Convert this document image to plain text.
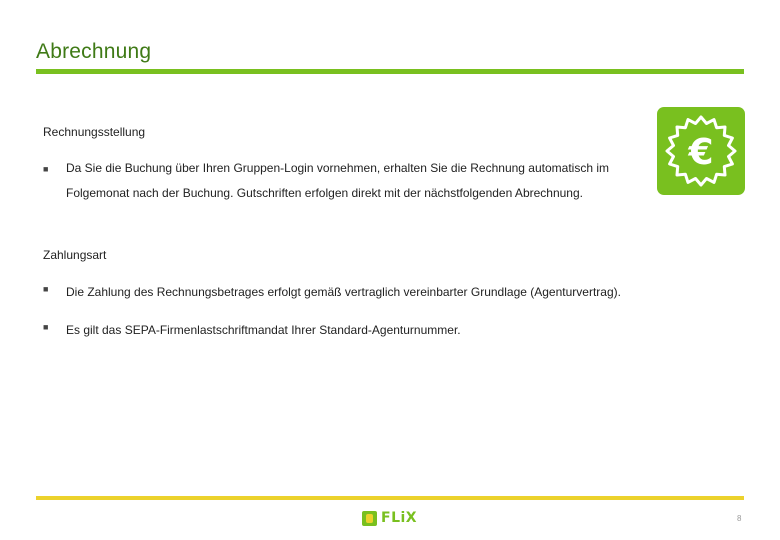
Abrechnung
Rechnungsstellung
■ Da Sie die Buchung über Ihren Gruppen-Login vornehmen, erhalten Sie die Rechnung automatisch im Folgemonat nach der Buchung. Gutschriften erfolgen direkt mit der nächstfolgenden Abrechnung.
Zahlungsart
■ Die Zahlung des Rechnungsbetrages erfolgt gemäß vertraglich vereinbarter Grundlage (Agenturvertrag).
■ Es gilt das SEPA-Firmenlastschriftmandat Ihrer Standard-Agenturnummer.
€
FLiX	8
